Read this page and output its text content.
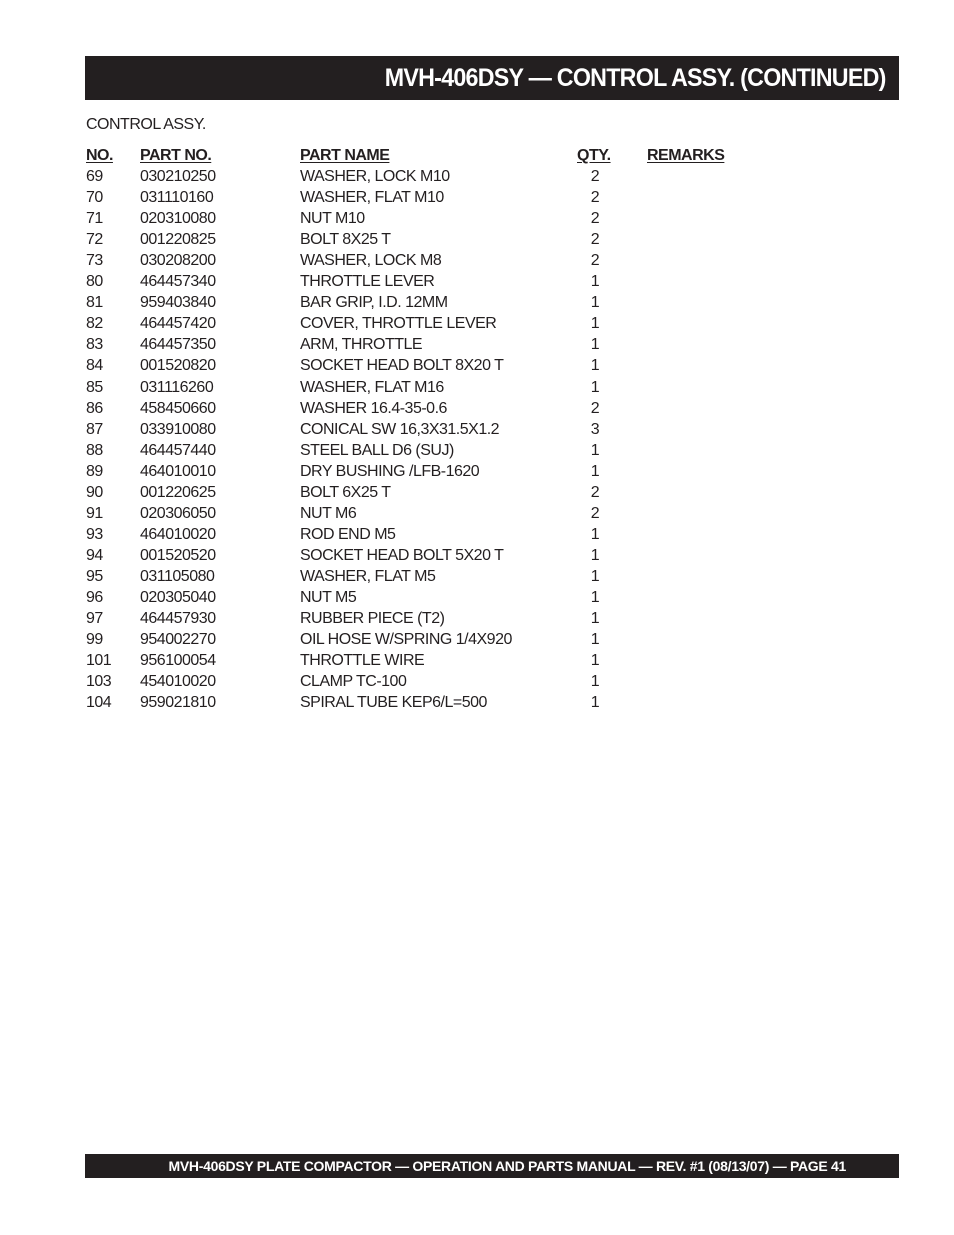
MVH-406DSY — CONTROL ASSY. (CONTINUED)
CONTROL ASSY.
NO. PART NO.	PART NAME	QTY. REMARKS
69 030210250	WASHER, LOCK M10	2
70 031110160	WASHER, FLAT M10	2
71 020310080	NUT M10	2
72 001220825	BOLT 8X25 T	2
73 030208200	WASHER, LOCK M8	2
80 464457340	THROTTLE LEVER	1
81 959403840	BAR GRIP, I.D. 12MM	1
82 464457420	COVER, THROTTLE LEVER	1
83 464457350	ARM, THROTTLE	1
84 001520820	SOCKET HEAD BOLT 8X20 T	1
85 031116260	WASHER, FLAT M16	1
86 458450660	WASHER 16.4-35-0.6	2
87 033910080	CONICAL SW 16,3X31.5X1.2	3
88 464457440	STEEL BALL D6 (SUJ)	1
89 464010010	DRY BUSHING /LFB-1620	1
90 001220625	BOLT 6X25 T	2
91 020306050	NUT M6	2
93 464010020	ROD END M5	1
94 001520520	SOCKET HEAD BOLT 5X20 T	1
95 031105080	WASHER, FLAT M5	1
96 020305040	NUT M5	1
97 464457930	RUBBER PIECE (T2)	1
99 954002270	OIL HOSE W/SPRING 1/4X920	1
101 956100054	THROTTLE WIRE	1
103 454010020	CLAMP TC-100	1
104 959021810	SPIRAL TUBE KEP6/L=500	1
MVH-406DSY PLATE COMPACTOR — OPERATION AND PARTS MANUAL — REV. #1 (08/13/07) — PAGE 41
